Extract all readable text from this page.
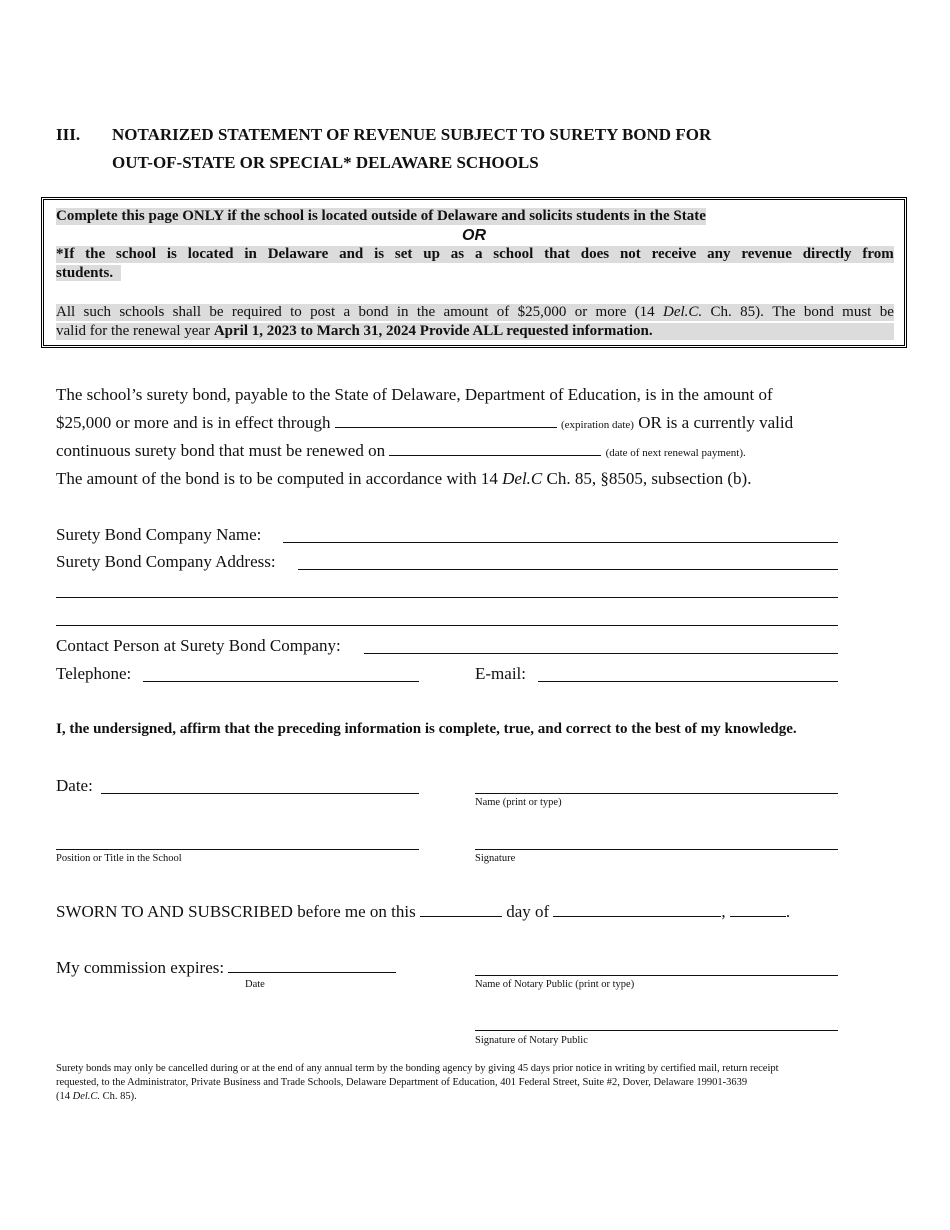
III. NOTARIZED STATEMENT OF REVENUE SUBJECT TO SURETY BOND FOR
OUT-OF-STATE OR SPECIAL* DELAWARE SCHOOLS
Complete this page ONLY if the school is located outside of Delaware and solicits students in the State
OR
*If the school is located in Delaware and is set up as a school that does not receive any revenue directly from
students.
All such schools shall be required to post a bond in the amount of $25,000 or more (14 Del.C. Ch. 85). The bond must be
valid for the renewal year April 1, 2023 to March 31, 2024 Provide ALL requested information.
The school’s surety bond, payable to the State of Delaware, Department of Education, is in the amount of
$25,000 or more and is in effect through	(expiration date) OR is a currently valid
continuous surety bond that must be renewed on	(date of next renewal payment).
The amount of the bond is to be computed in accordance with 14 Del.C Ch. 85, §8505, subsection (b).
Surety Bond Company Name:
Surety Bond Company Address:
Contact Person at Surety Bond Company:
Telephone:	E-mail:
I, the undersigned, affirm that the preceding information is complete, true, and correct to the best of my knowledge.
Date:
Name (print or type)
Position or Title in the School	Signature
SWORN TO AND SUBSCRIBED before me on this	day of	,	.
My commission expires:
Date	Name of Notary Public (print or type)
Signature of Notary Public
Surety bonds may only be cancelled during or at the end of any annual term by the bonding agency by giving 45 days prior notice in writing by certified mail, return receipt
requested, to the Administrator, Private Business and Trade Schools, Delaware Department of Education, 401 Federal Street, Suite #2, Dover, Delaware 19901-3639
(14 Del.C. Ch. 85).
